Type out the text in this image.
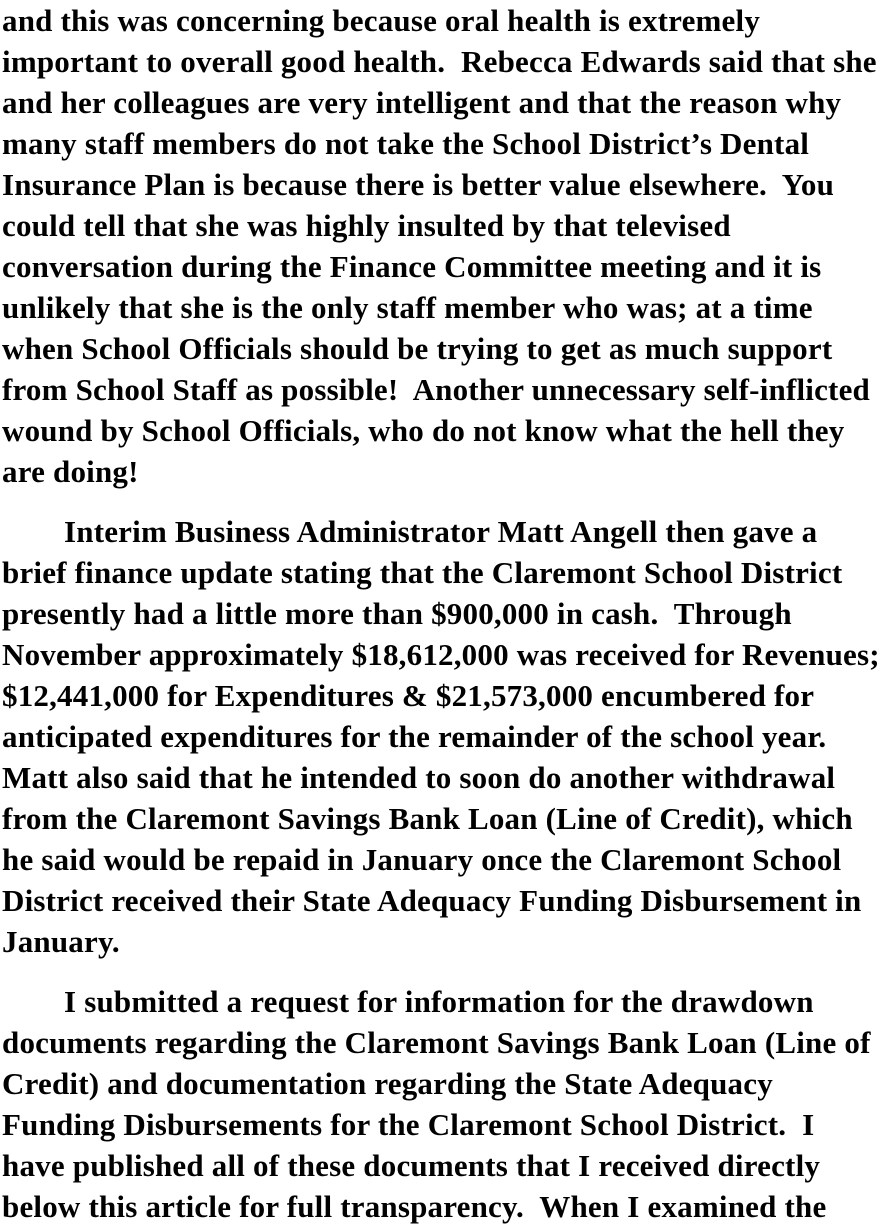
and this was concerning because oral health is extremely
important to overall good health.  Rebecca Edwards said that she
and her colleagues are very intelligent and that the reason why
many staff members do not take the School District’s Dental
Insurance Plan is because there is better value elsewhere.  You
could tell that she was highly insulted by that televised
conversation during the Finance Committee meeting and it is
unlikely that she is the only staff member who was; at a time
when School Officials should be trying to get as much support
from School Staff as possible!  Another unnecessary self-inflicted
wound by School Officials, who do not know what the hell they
are doing!
Interim Business Administrator Matt Angell then gave a
brief finance update stating that the Claremont School District
presently had a little more than $900,000 in cash.  Through
November approximately $18,612,000 was received for Revenues;
$12,441,000 for Expenditures & $21,573,000 encumbered for
anticipated expenditures for the remainder of the school year.
Matt also said that he intended to soon do another withdrawal
from the Claremont Savings Bank Loan (Line of Credit), which
he said would be repaid in January once the Claremont School
District received their State Adequacy Funding Disbursement in
January.
I submitted a request for information for the drawdown
documents regarding the Claremont Savings Bank Loan (Line of
Credit) and documentation regarding the State Adequacy
Funding Disbursements for the Claremont School District.  I
have published all of these documents that I received directly
below this article for full transparency.  When I examined the
